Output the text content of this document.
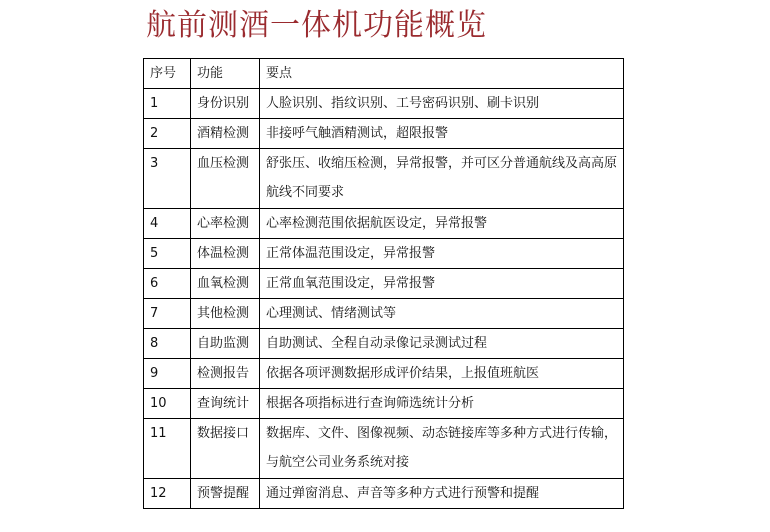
航前测酒一体机功能概览
序号	功能	要点
1	身份识别	人脸识别、指纹识别、工号密码识别、刷卡识别
2	酒精检测	非接呼气触酒精测试，超限报警
3	血压检测	舒张压、收缩压检测，异常报警，并可区分普通航线及高高原航线不同要求

4	心率检测	心率检测范围依据航医设定，异常报警
5	体温检测	正常体温范围设定，异常报警
6	血氧检测	正常血氧范围设定，异常报警
7	其他检测	心理测试、情绪测试等
8	自助监测	自助测试、全程自动录像记录测试过程
9	检测报告	依据各项评测数据形成评价结果，上报值班航医
10	查询统计	根据各项指标进行查询筛选统计分析
11	数据接口	数据库、文件、图像视频、动态链接库等多种方式进行传输，与航空公司业务系统对接

12	预警提醒	通过弹窗消息、声音等多种方式进行预警和提醒
